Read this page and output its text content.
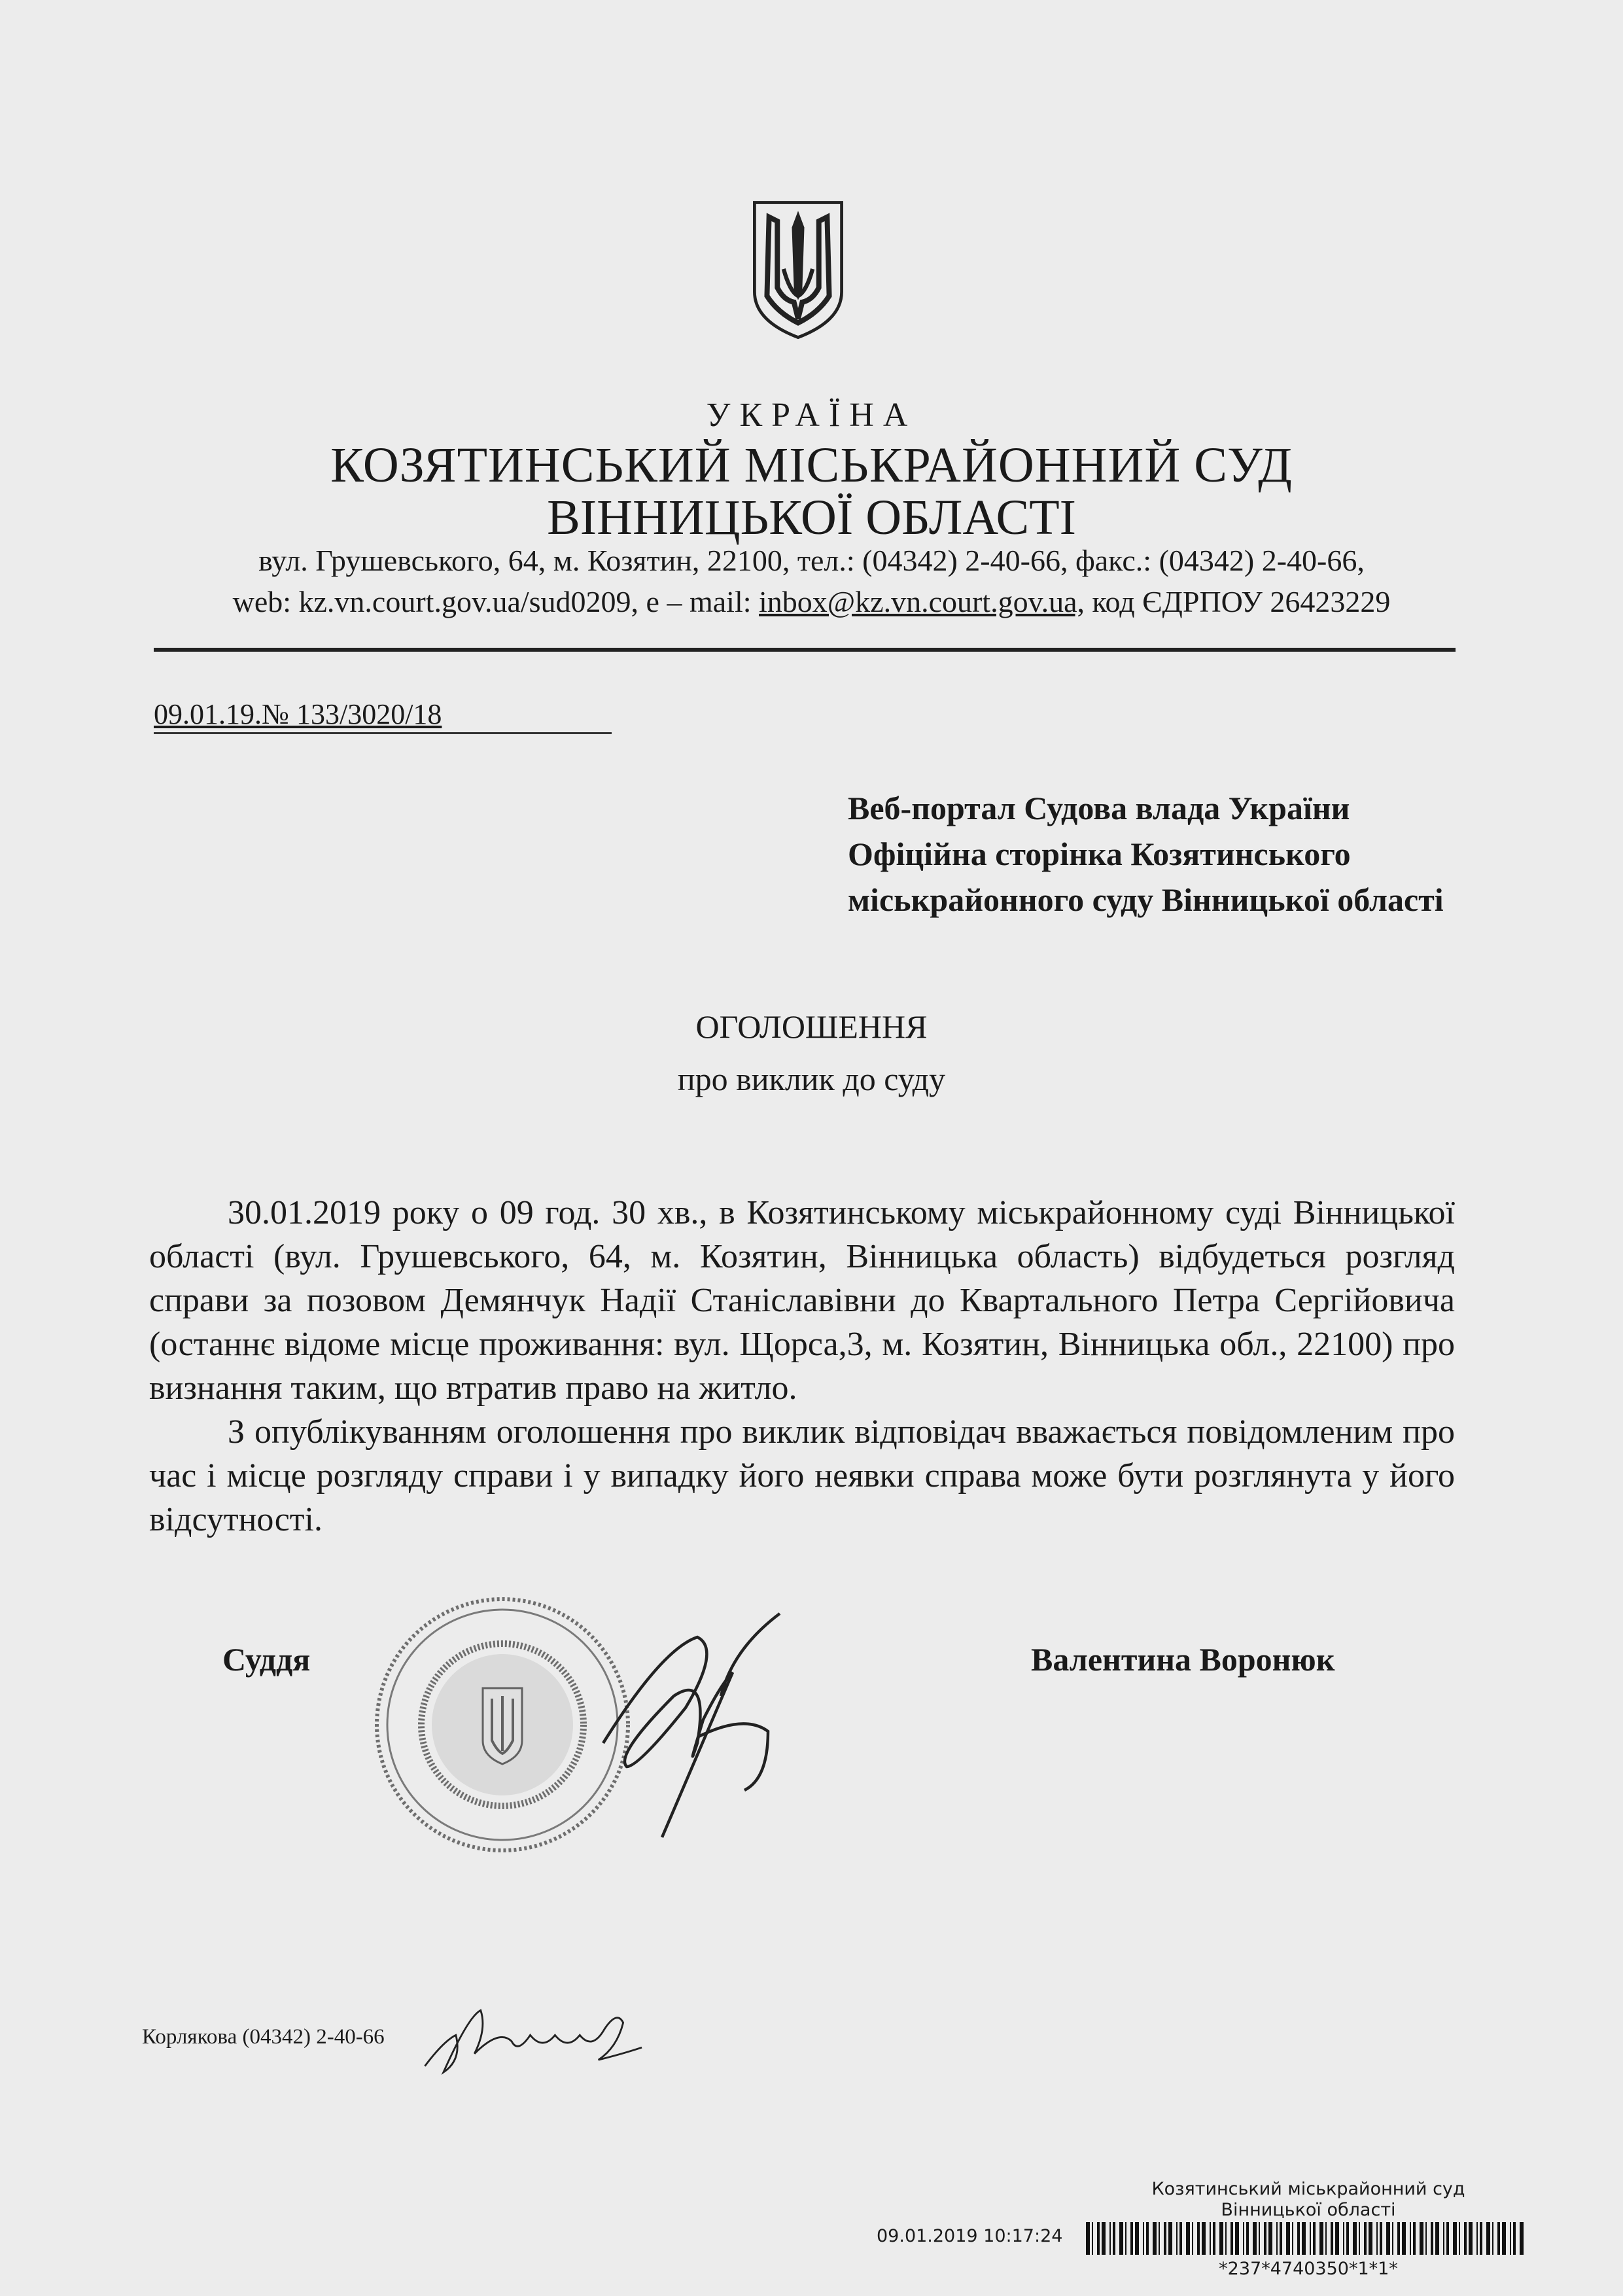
УКРАЇНА
КОЗЯТИНСЬКИЙ МІСЬКРАЙОННИЙ СУД
ВІННИЦЬКОЇ ОБЛАСТІ
вул. Грушевського, 64, м. Козятин, 22100, тел.: (04342) 2-40-66, факс.: (04342) 2-40-66,
web: kz.vn.court.gov.ua/sud0209, e – mail: inbox@kz.vn.court.gov.ua, код ЄДРПОУ 26423229
09.01.19.№ 133/3020/18
Веб-портал Судова влада України Офіційна сторінка Козятинського міськрайонного суду Вінницької області
ОГОЛОШЕННЯ
про виклик до суду

30.01.2019 року о 09 год. 30 хв., в Козятинському міськрайонному суді Вінницької області (вул. Грушевського, 64, м. Козятин, Вінницька область) відбудеться розгляд справи за позовом Демянчук Надії Станіславівни до Квартального Петра Сергійовича (останнє відоме місце проживання: вул. Щорса,3, м. Козятин, Вінницька обл., 22100) про визнання таким, що втратив право на житло.

З опублікуванням оголошення про виклик відповідач вважається повідомленим про час і місце розгляду справи і у випадку його неявки справа може бути розглянута у його відсутності.

Суддя	Валентина Воронюк
Корлякова (04342) 2-40-66
Козятинський міськрайонний суд
Вінницької області
09.01.2019 10:17:24
*237*4740350*1*1*
